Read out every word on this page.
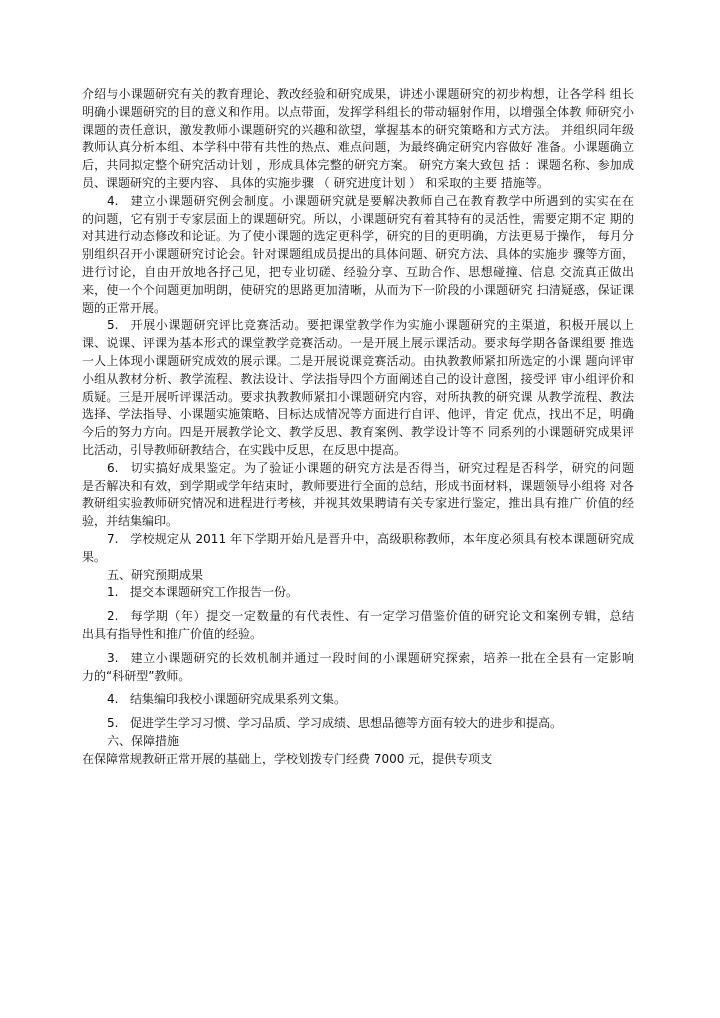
介绍与小课题研究有关的教育理论、教改经验和研究成果，讲述小课题研究的初步构想，让各学科 组长
明确小课题研究的目的意义和作用。以点带面，发挥学科组长的带动辐射作用，以增强全体教 师研究小
课题的责任意识，激发教师小课题研究的兴趣和欲望，掌握基本的研究策略和方式方法。 并组织同年级
教师认真分析本组、本学科中带有共性的热点、难点问题，为最终确定研究内容做好 准备。小课题确立
后，共同拟定整个研究活动计划 ，形成具体完整的研究方案。 研究方案大致包 括 ：课题名称、参加成
员、课题研究的主要内容、 具体的实施步骤 （ 研究进度计划 ） 和采取的主要 措施等。
4. 建立小课题研究例会制度。小课题研究就是要解决教师自己在教育教学中所遇到的实实在在
的问题，它有别于专家层面上的课题研究。所以，小课题研究有着其特有的灵活性，需要定期不定 期的
对其进行动态修改和论证。为了使小课题的选定更科学，研究的目的更明确，方法更易于操作， 每月分
别组织召开小课题研究讨论会。针对课题组成员提出的具体问题、研究方法、具体的实施步 骤等方面，
进行讨论，自由开放地各抒己见，把专业切磋、经验分享、互助合作、思想碰撞、信息 交流真正做出
来，使一个个问题更加明朗，使研究的思路更加清晰，从而为下一阶段的小课题研究 扫清疑惑，保证课
题的正常开展。
5. 开展小课题研究评比竞赛活动。要把课堂教学作为实施小课题研究的主渠道，积极开展以上
课、说课、评课为基本形式的课堂教学竞赛活动。一是开展上展示课活动。要求每学期各备课组要 推选
一人上体现小课题研究成效的展示课。二是开展说课竞赛活动。由执教教师紧扣所选定的小课 题向评审
小组从教材分析、教学流程、教法设计、学法指导四个方面阐述自己的设计意图，接受评 审小组评价和
质疑。三是开展听评课活动。要求执教教师紧扣小课题研究内容，对所执教的研究课 从教学流程、教法
选择、学法指导、小课题实施策略、目标达成情况等方面进行自评、他评，肯定 优点，找出不足，明确
今后的努力方向。四是开展教学论文、教学反思、教育案例、教学设计等不 同系列的小课题研究成果评
比活动，引导教师研教结合，在实践中反思，在反思中提高。
6. 切实搞好成果鉴定。为了验证小课题的研究方法是否得当，研究过程是否科学，研究的问题
是否解决和有效，到学期或学年结束时，教师要进行全面的总结，形成书面材料，课题领导小组将 对各
教研组实验教师研究情况和进程进行考核，并视其效果聘请有关专家进行鉴定，推出具有推广 价值的经
验，并结集编印。
7. 学校规定从 2011 年下学期开始凡是晋升中，高级职称教师，本年度必须具有校本课题研究成
果。
五、研究预期成果
1. 提交本课题研究工作报告一份。
2. 每学期（年）提交一定数量的有代表性、有一定学习借鉴价值的研究论文和案例专辑，总结
出具有指导性和推广价值的经验。
3. 建立小课题研究的长效机制并通过一段时间的小课题研究探索，培养一批在全县有一定影响
力的“科研型”教师。
4. 结集编印我校小课题研究成果系列文集。
5. 促进学生学习习惯、学习品质、学习成绩、思想品德等方面有较大的进步和提高。
六、保障措施
在保障常规教研正常开展的基础上，学校划拨专门经费 7000 元，提供专项支
